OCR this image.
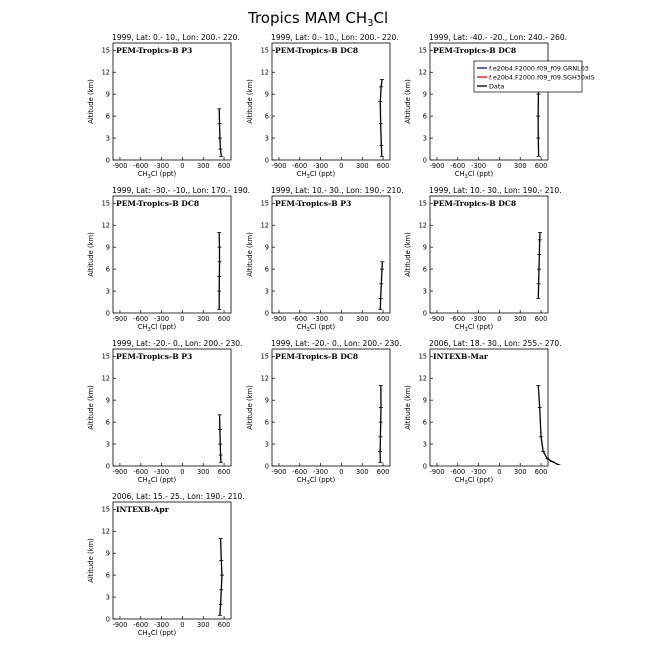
Tropics MAM $CH_3Cl$
1999, Lat: 0.- 10., Lon: 200.- 220.
PEM-Tropics-B P3
-900 -600 -300 0 300 600
0
3
6
9
12
15
$CH_3Cl$ (ppt)
Altitude (km)
1999, Lat: 0.- 10., Lon: 200.- 220.
PEM-Tropics-B DC8
-900 -600 -300 0 300 600
0
3
6
9
12
15
$CH_3Cl$ (ppt)
Altitude (km)
1999, Lat: -40.- -20., Lon: 240.- 260.
PEM-Tropics-B DC8
-900 -600 -300 0 300 600
0
3
6
9
12
15
$CH_3Cl$ (ppt)
Altitude (km)
1999, Lat: -30.- -10., Lon: 170.- 190.
PEM-Tropics-B DC8
-900 -600 -300 0 300 600
0
3
6
9
12
15
$CH_3Cl$ (ppt)
Altitude (km)
1999, Lat: 10.- 30., Lon: 190.- 210.
PEM-Tropics-B P3
-900 -600 -300 0 300 600
0
3
6
9
12
15
$CH_3Cl$ (ppt)
Altitude (km)
1999, Lat: 10.- 30., Lon: 190.- 210.
PEM-Tropics-B DC8
-900 -600 -300 0 300 600
0
3
6
9
12
15
$CH_3Cl$ (ppt)
Altitude (km)
1999, Lat: -20.- 0., Lon: 200.- 230.
PEM-Tropics-B P3
-900 -600 -300 0 300 600
0
3
6
9
12
15
$CH_3Cl$ (ppt)
Altitude (km)
1999, Lat: -20.- 0., Lon: 200.- 230.
PEM-Tropics-B DC8
-900 -600 -300 0 300 600
0
3
6
9
12
15
$CH_3Cl$ (ppt)
Altitude (km)
2006, Lat: 18.- 30., Lon: 255.- 270.
INTEXB-Mar
-900 -600 -300 0 300 600
0
3
6
9
12
15
$CH_3Cl$ (ppt)
Altitude (km)
2006, Lat: 15.- 25., Lon: 190.- 210.
INTEXB-Apr
-900 -600 -300 0 300 600
0
3
6
9
12
15
$CH_3Cl$ (ppt)
Altitude (km)
f.e20b4.F2000.f09_f09.GRNL03
f.e20b4.F2000.f09_f09.SGH30xIS
Data
